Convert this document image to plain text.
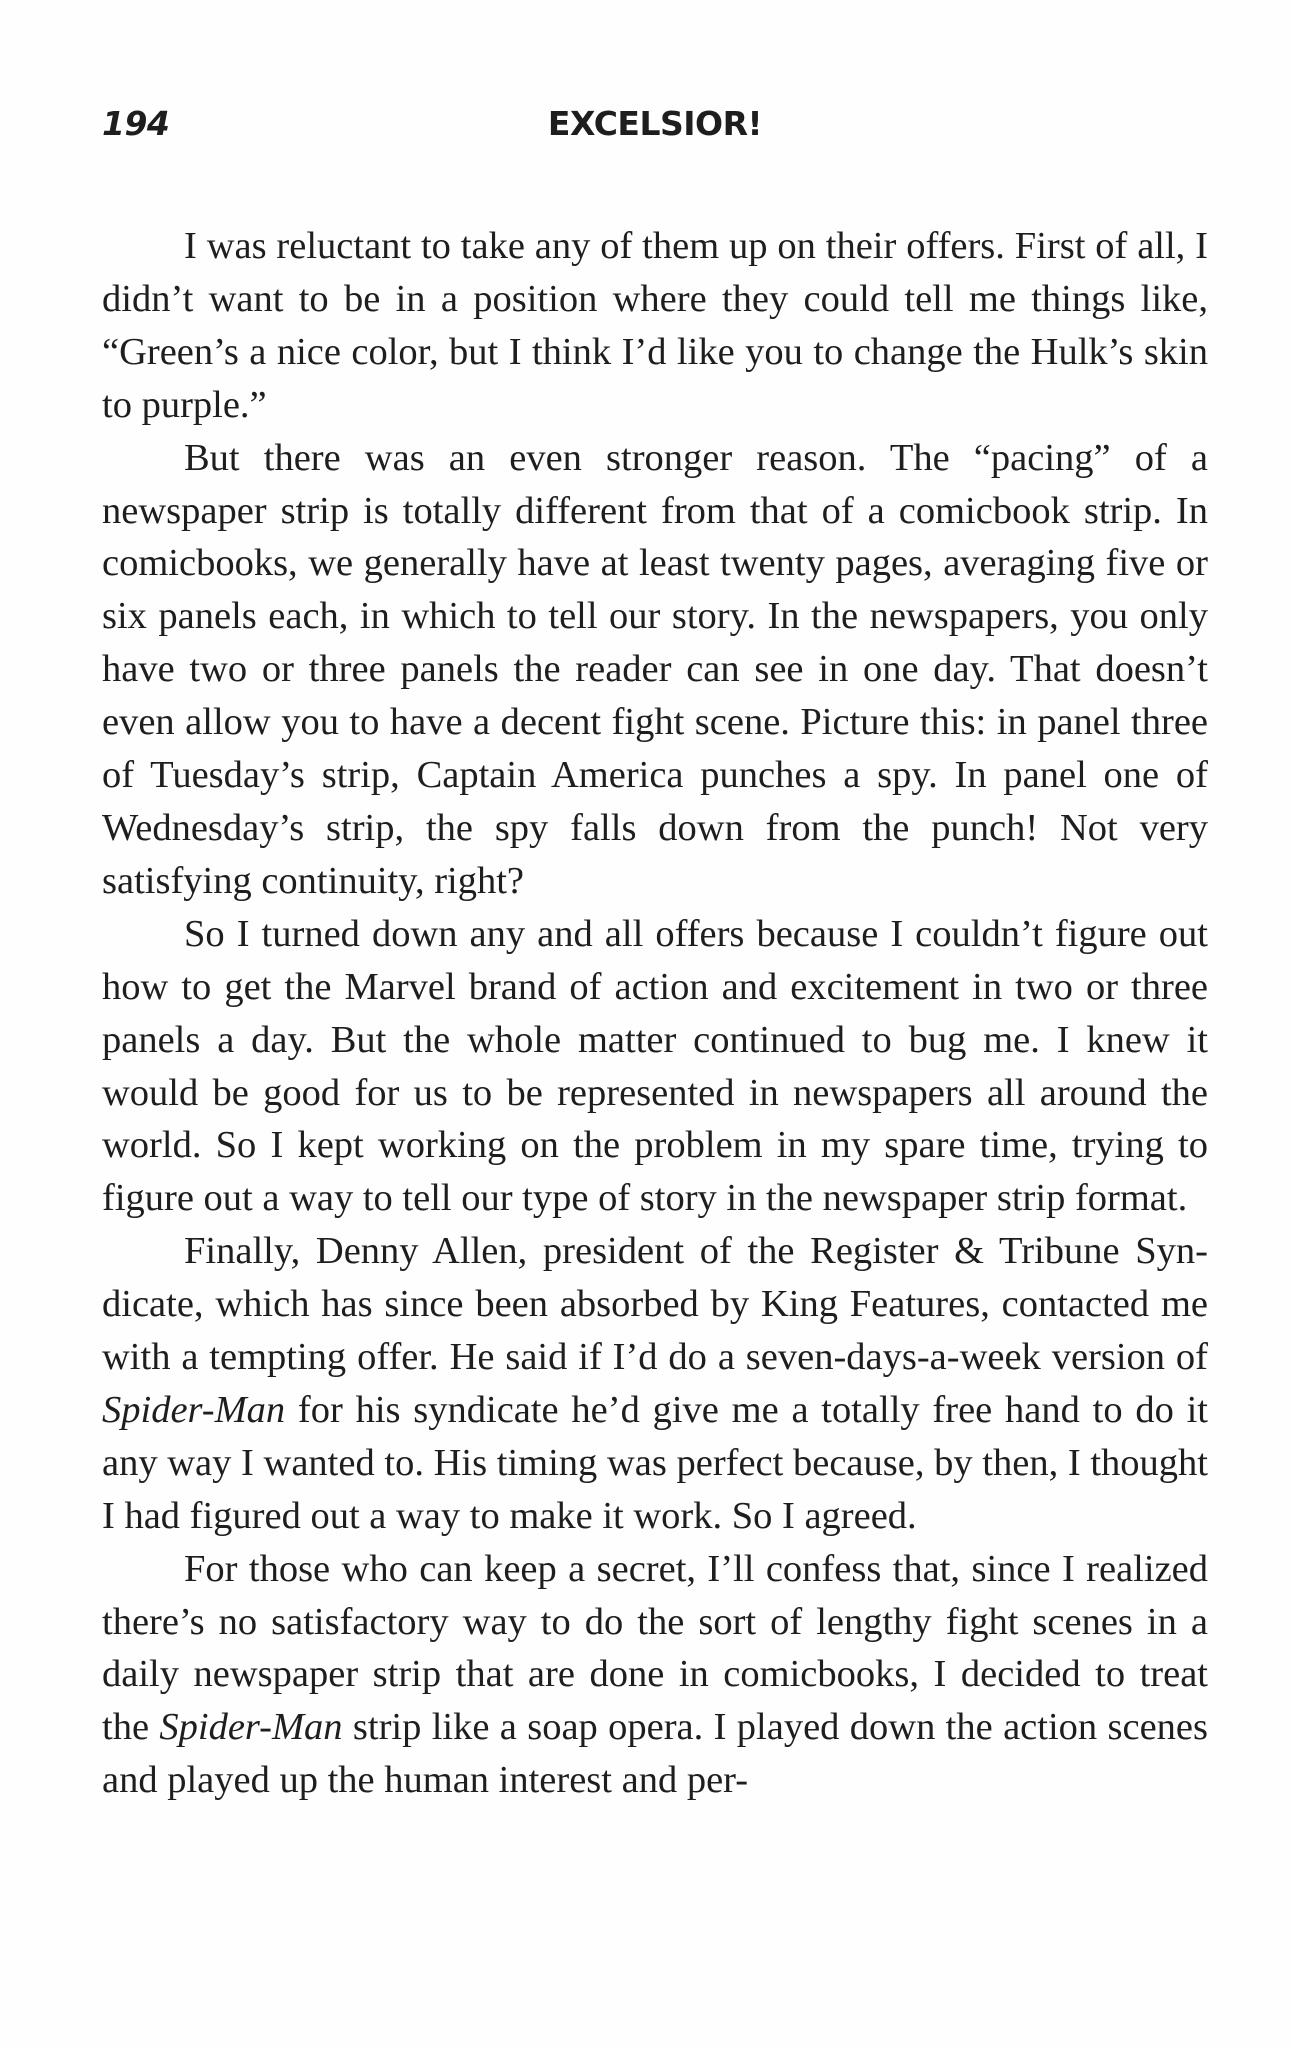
194	EXCELSIOR!

I was reluctant to take any of them up on their offers. First of all, I didn’t want to be in a position where they could tell me things like, “Green’s a nice color, but I think I’d like you to change the Hulk’s skin to purple.”

But there was an even stronger reason. The “pacing” of a newspaper strip is totally different from that of a comicbook strip. In comicbooks, we generally have at least twenty pages, averaging five or six panels each, in which to tell our story. In the newspapers, you only have two or three panels the reader can see in one day. That doesn’t even allow you to have a decent fight scene. Picture this: in panel three of Tuesday’s strip, Captain America punches a spy. In panel one of Wednesday’s strip, the spy falls down from the punch! Not very satisfying continuity, right?

So I turned down any and all offers because I couldn’t figure out how to get the Marvel brand of action and excitement in two or three panels a day. But the whole matter continued to bug me. I knew it would be good for us to be represented in newspapers all around the world. So I kept working on the problem in my spare time, trying to figure out a way to tell our type of story in the newspaper strip format.

Finally, Denny Allen, president of the Register & Tribune Syndicate, which has since been absorbed by King Features, contacted me with a tempting offer. He said if I’d do a seven-days-a-week version of Spider-Man for his syndicate he’d give me a totally free hand to do it any way I wanted to. His timing was perfect because, by then, I thought I had figured out a way to make it work. So I agreed.

For those who can keep a secret, I’ll confess that, since I realized there’s no satisfactory way to do the sort of lengthy fight scenes in a daily newspaper strip that are done in comicbooks, I decided to treat the Spider-Man strip like a soap opera. I played down the action scenes and played up the human interest and per-
